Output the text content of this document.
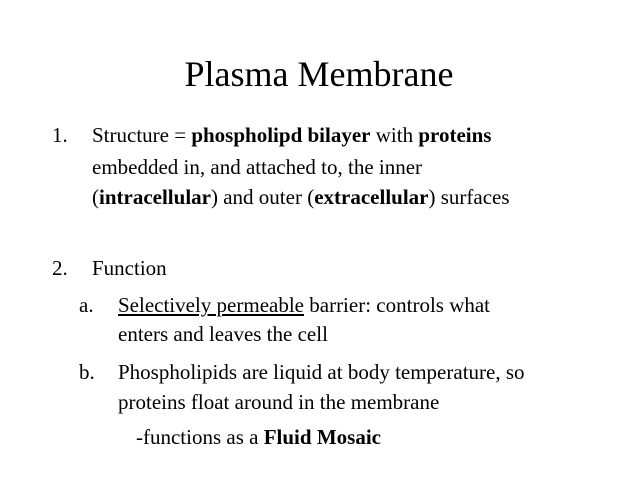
Plasma Membrane
1. Structure = phospholipd bilayer with proteins
embedded in, and attached to, the inner
(intracellular) and outer (extracellular) surfaces
2. Function
a. Selectively permeable barrier: controls what
enters and leaves the cell
b. Phospholipids are liquid at body temperature, so
proteins float around in the membrane
-functions as a Fluid Mosaic
